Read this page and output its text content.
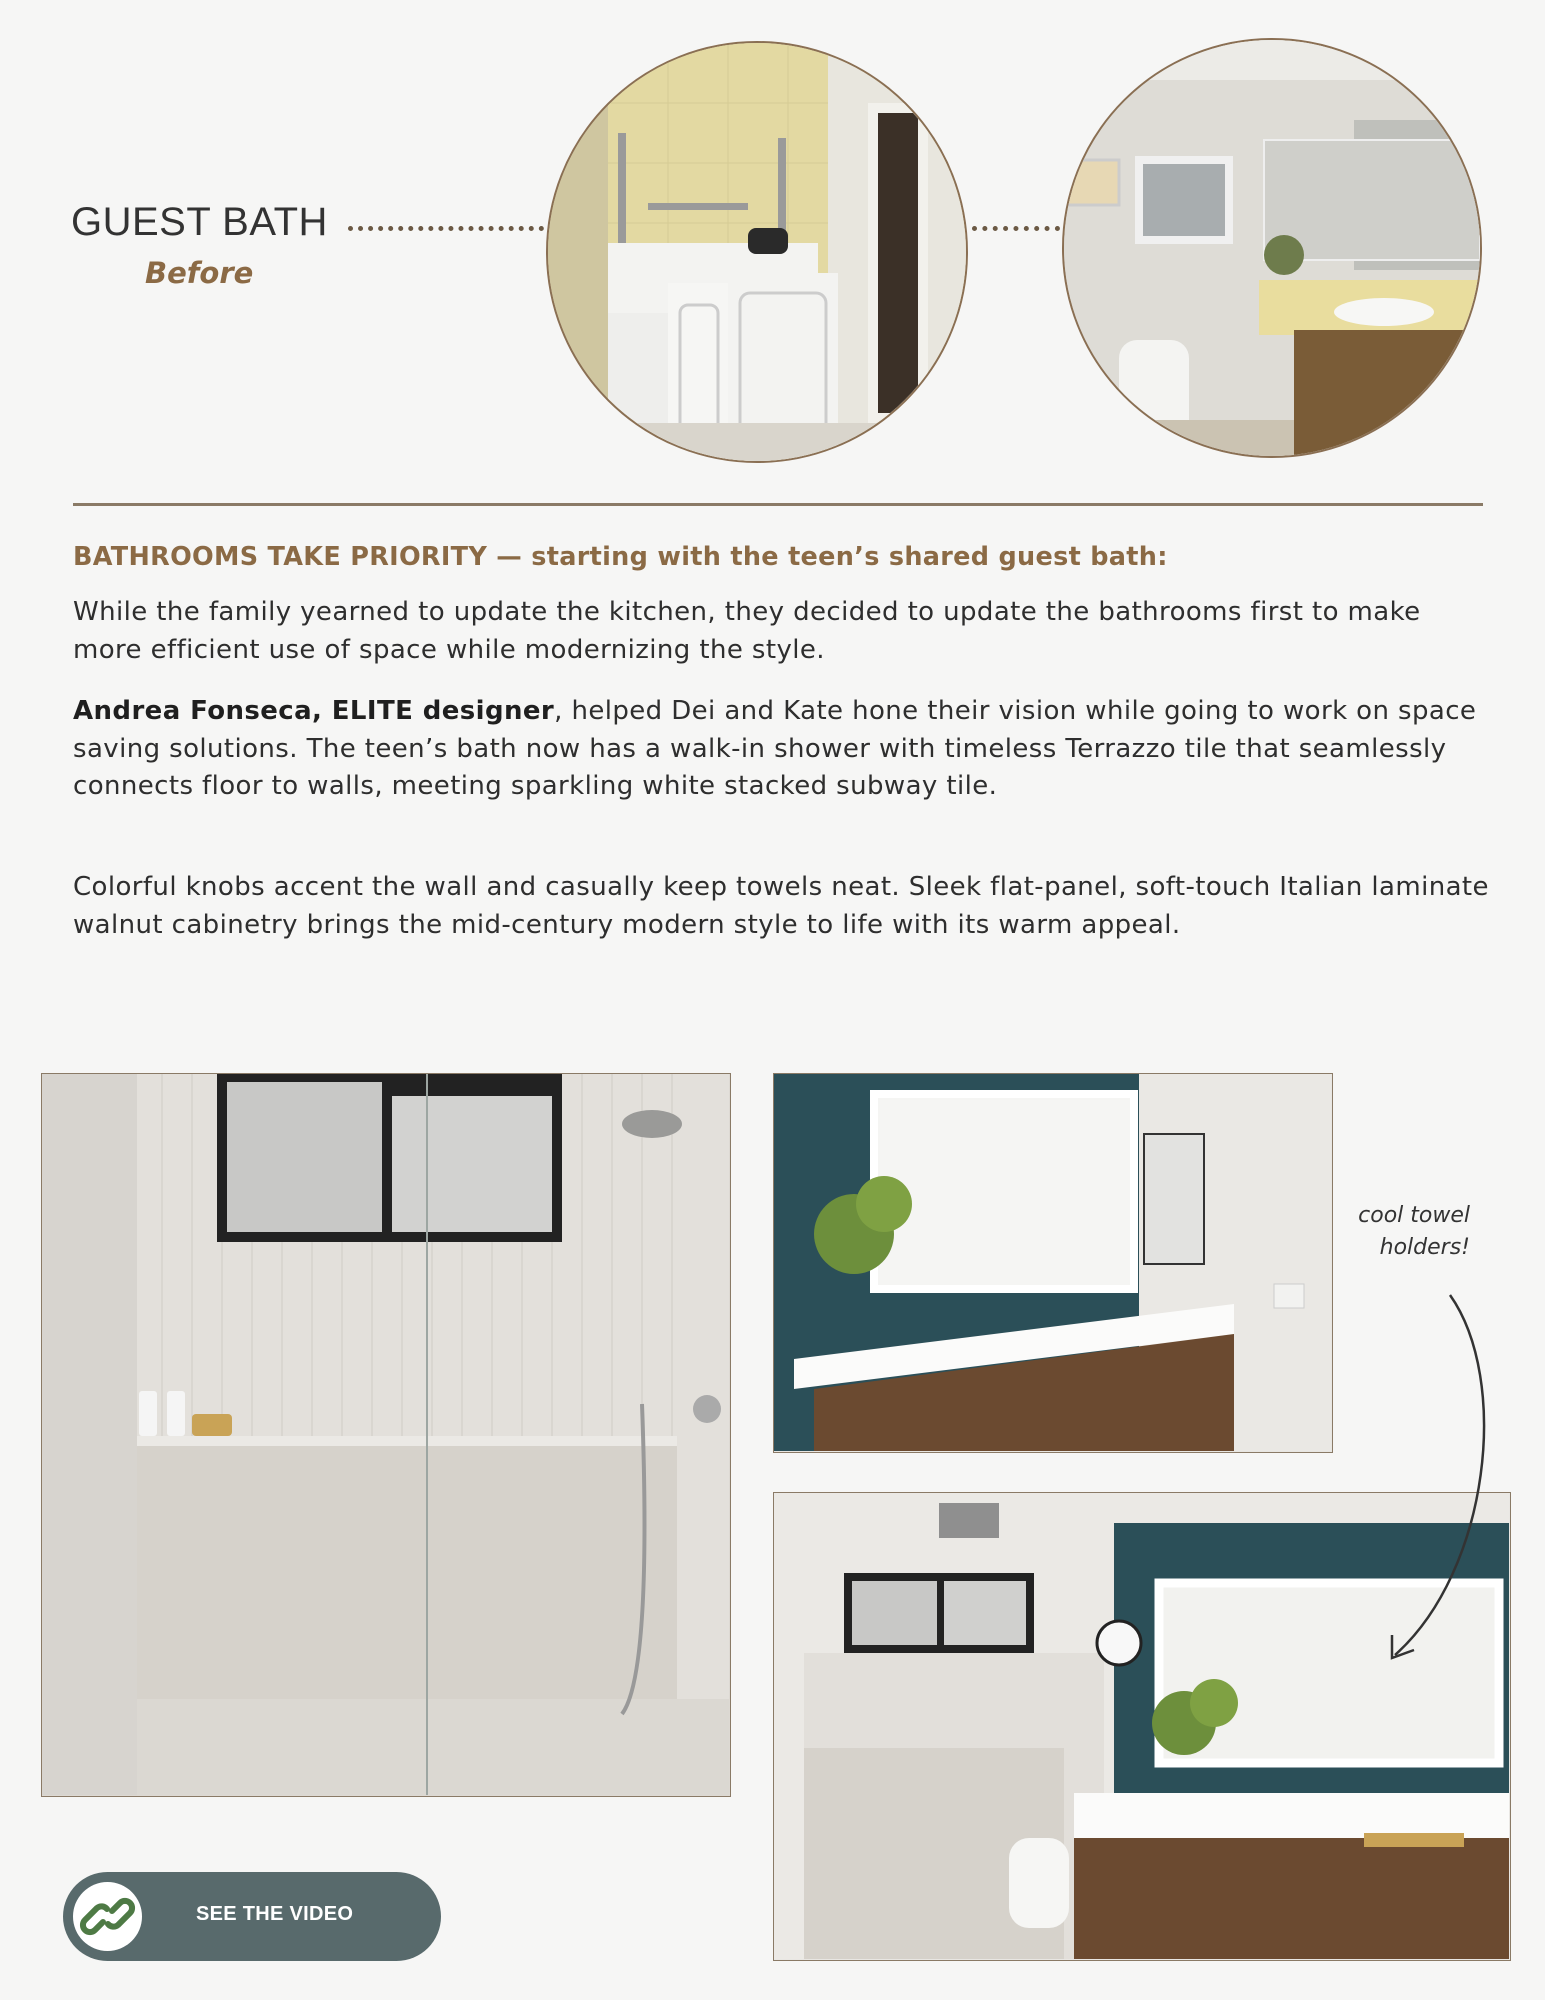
GUEST BATH
Before
BATHROOMS TAKE PRIORITY — starting with the teen’s shared guest bath:

While the family yearned to update the kitchen, they decided to update the bathrooms first to make more efficient use of space while modernizing the style.

Andrea Fonseca, ELITE designer, helped Dei and Kate hone their vision while going to work on space saving solutions. The teen’s bath now has a walk-in shower with timeless Terrazzo tile that seamlessly connects floor to walls, meeting sparkling white stacked subway tile.

Colorful knobs accent the wall and casually keep towels neat. Sleek flat-panel, soft-touch Italian laminate walnut cabinetry brings the mid-century modern style to life with its warm appeal.

cool towel
holders!
SEE THE VIDEO
